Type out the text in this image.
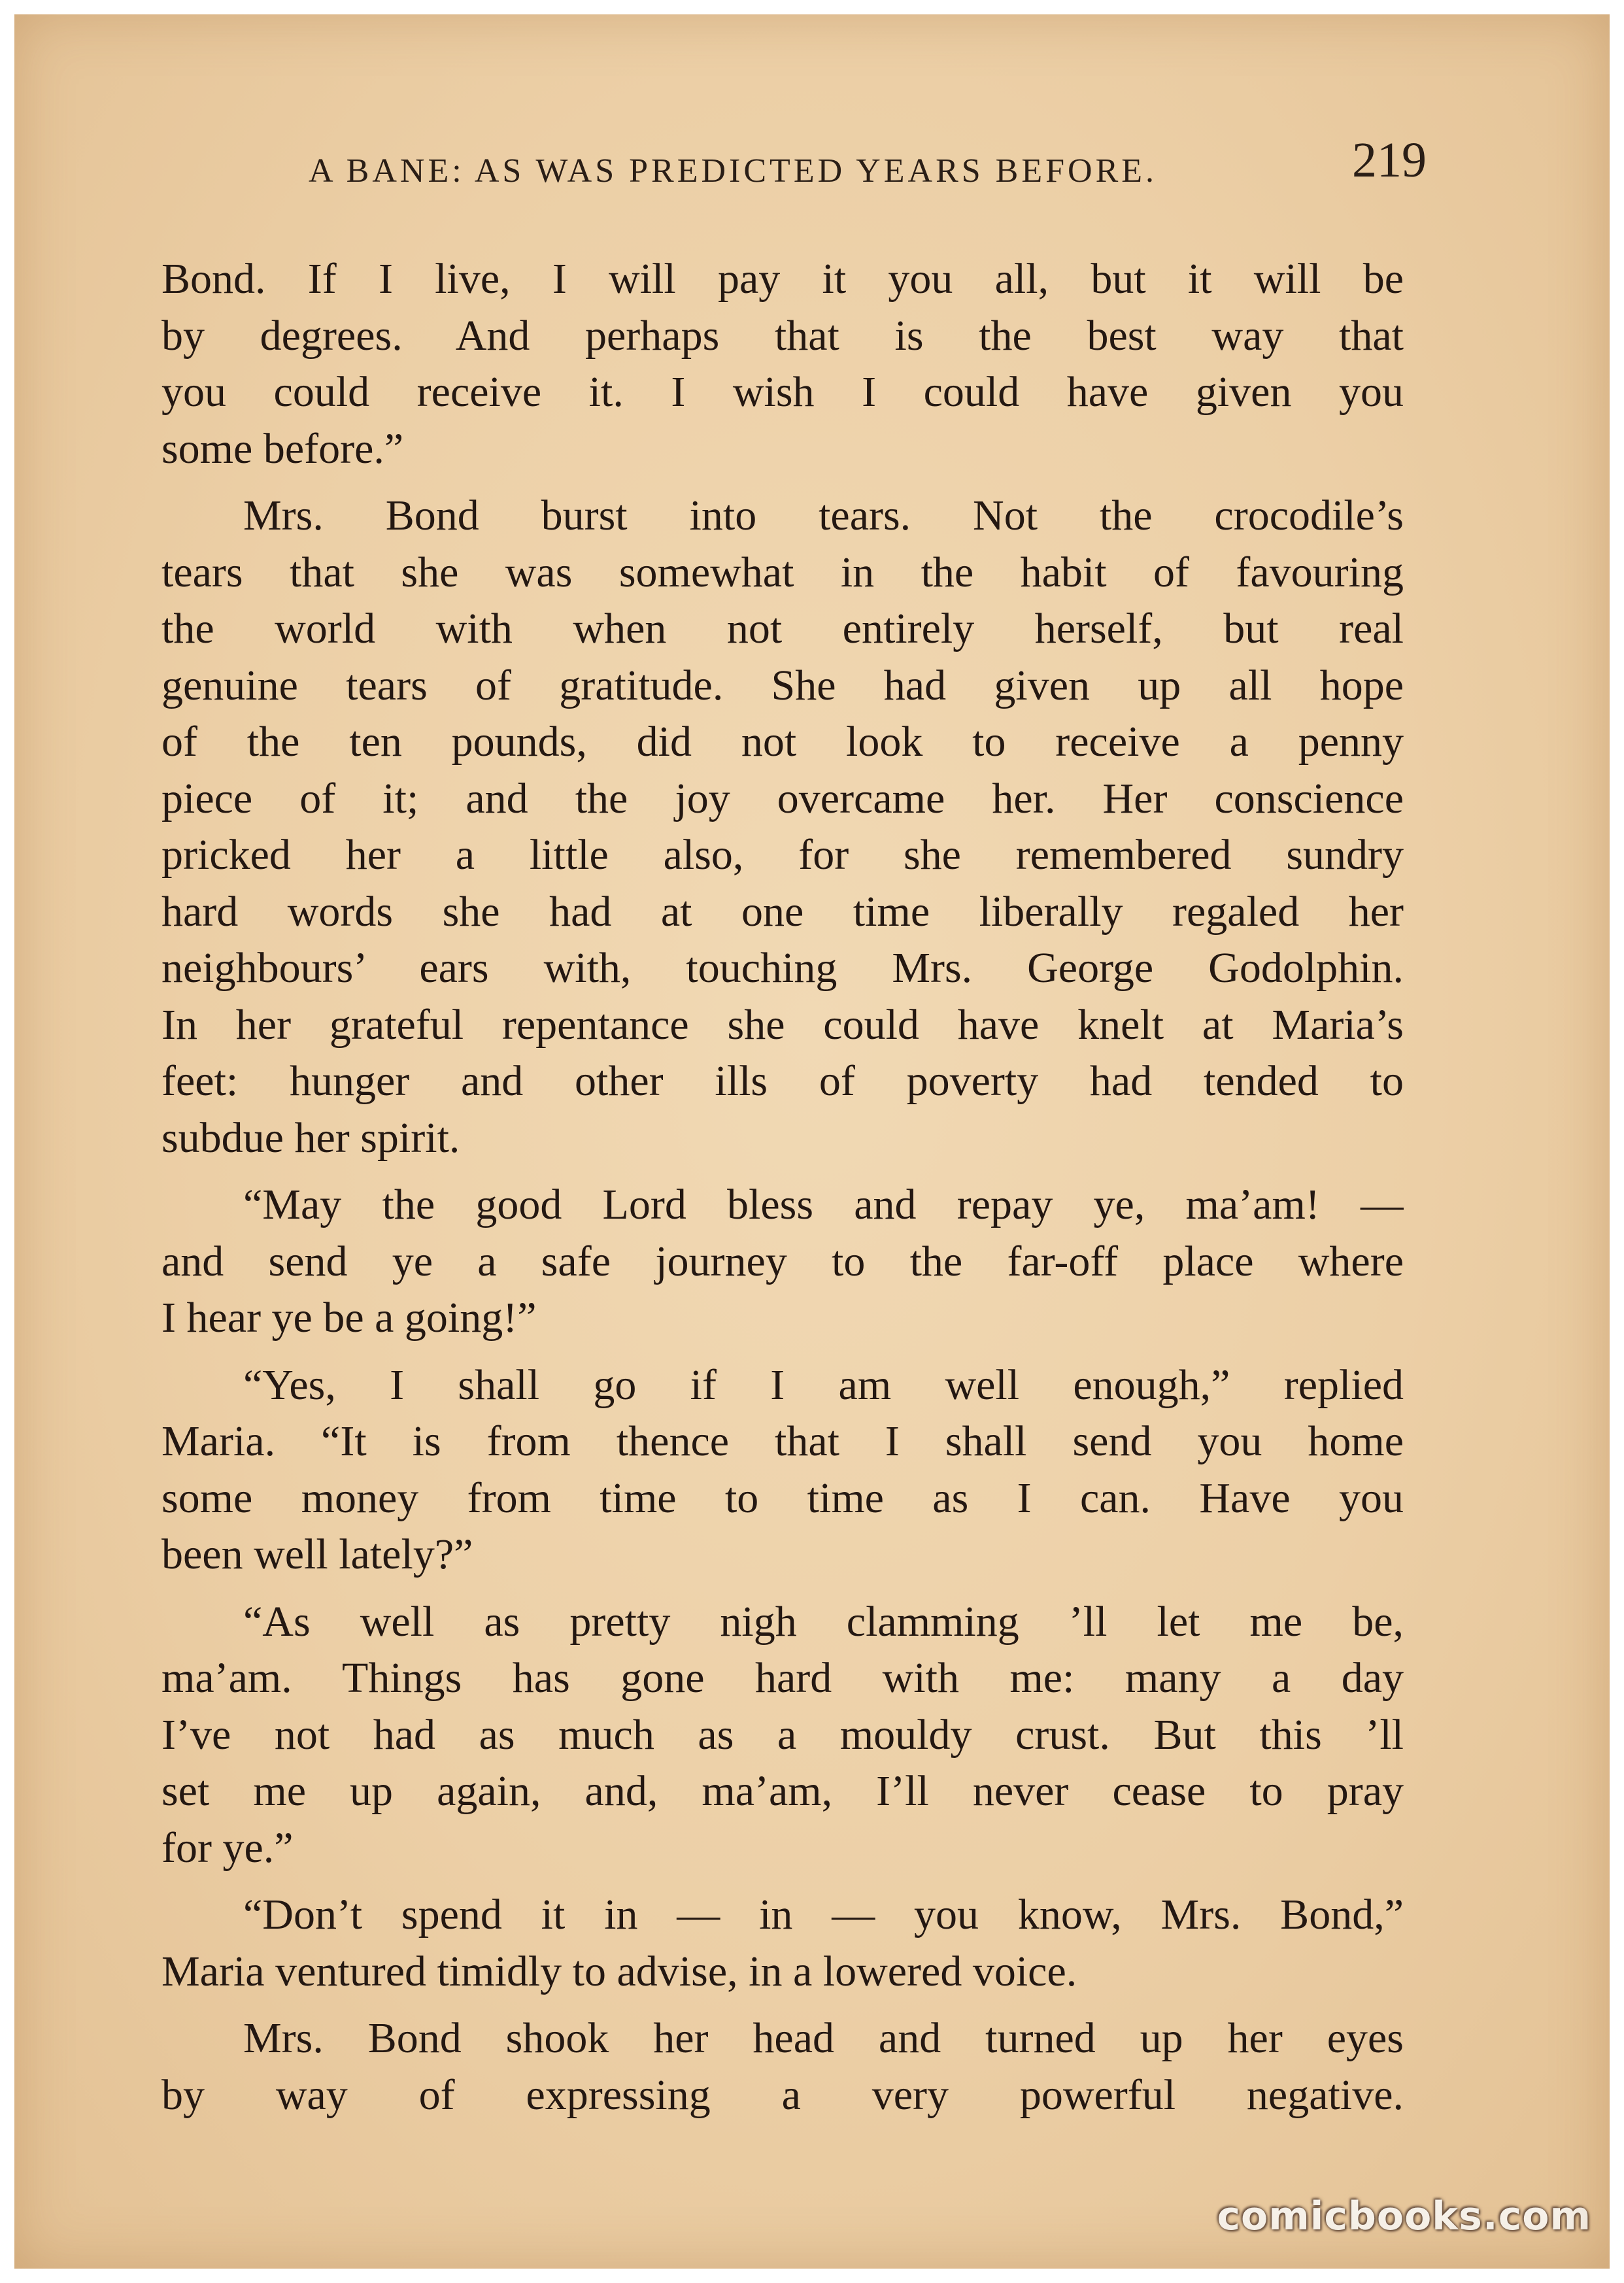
A BANE: AS WAS PREDICTED YEARS BEFORE.	219
Bond. If I live, I will pay it you all, but it will be
by degrees. And perhaps that is the best way that
you could receive it. I wish I could have given you
some before.”
Mrs. Bond burst into tears. Not the crocodile’s
tears that she was somewhat in the habit of favouring
the world with when not entirely herself, but real
genuine tears of gratitude. She had given up all hope
of the ten pounds, did not look to receive a penny
piece of it; and the joy overcame her. Her conscience
pricked her a little also, for she remembered sundry
hard words she had at one time liberally regaled her
neighbours’ ears with, touching Mrs. George Godolphin.
In her grateful repentance she could have knelt at Maria’s
feet: hunger and other ills of poverty had tended to
subdue her spirit.
“May the good Lord bless and repay ye, ma’am! —
and send ye a safe journey to the far-off place where
I hear ye be a going!”
“Yes, I shall go if I am well enough,” replied
Maria. “It is from thence that I shall send you home
some money from time to time as I can. Have you
been well lately?”
“As well as pretty nigh clamming ’ll let me be,
ma’am. Things has gone hard with me: many a day
I’ve not had as much as a mouldy crust. But this ’ll
set me up again, and, ma’am, I’ll never cease to pray
for ye.”
“Don’t spend it in — in — you know, Mrs. Bond,”
Maria ventured timidly to advise, in a lowered voice.
Mrs. Bond shook her head and turned up her eyes
by way of expressing a very powerful negative.
comicbooks.com
